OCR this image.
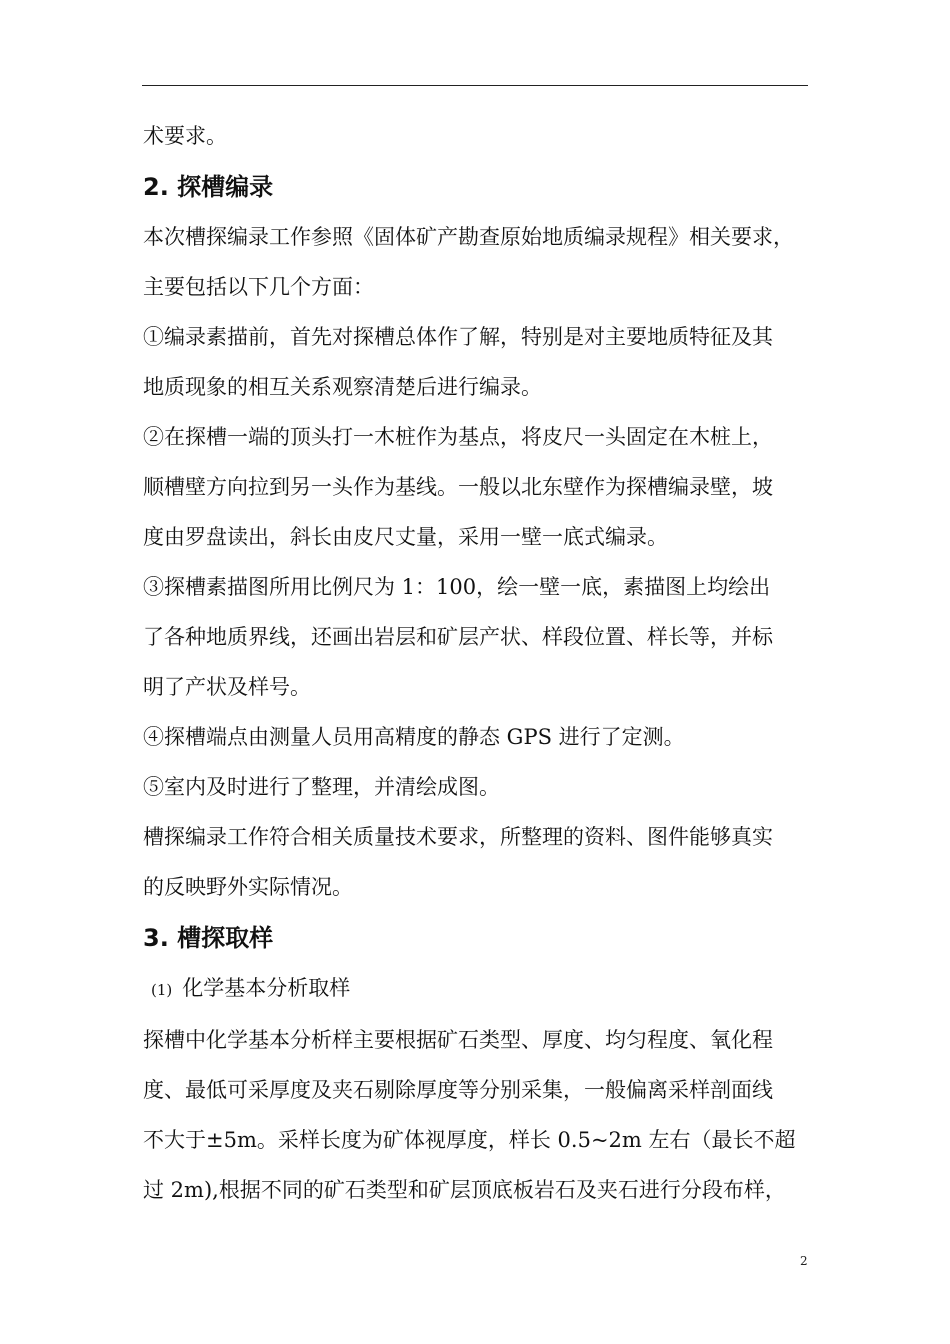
术要求。
2. 探槽编录
本次槽探编录工作参照《固体矿产勘查原始地质编录规程》相关要求，
主要包括以下几个方面：
①编录素描前，首先对探槽总体作了解，特别是对主要地质特征及其
地质现象的相互关系观察清楚后进行编录。
②在探槽一端的顶头打一木桩作为基点，将皮尺一头固定在木桩上，
顺槽壁方向拉到另一头作为基线。一般以北东壁作为探槽编录壁，坡
度由罗盘读出，斜长由皮尺丈量，采用一壁一底式编录。
③探槽素描图所用比例尺为 1：100，绘一壁一底，素描图上均绘出
了各种地质界线，还画出岩层和矿层产状、样段位置、样长等，并标
明了产状及样号。
④探槽端点由测量人员用高精度的静态 GPS 进行了定测。
⑤室内及时进行了整理，并清绘成图。
槽探编录工作符合相关质量技术要求，所整理的资料、图件能够真实
的反映野外实际情况。
3. 槽探取样
(1) 化学基本分析取样
探槽中化学基本分析样主要根据矿石类型、厚度、均匀程度、氧化程
度、最低可采厚度及夹石剔除厚度等分别采集，一般偏离采样剖面线
不大于±5m。采样长度为矿体视厚度，样长 0.5~2m 左右（最长不超
过 2m),根据不同的矿石类型和矿层顶底板岩石及夹石进行分段布样，
2
